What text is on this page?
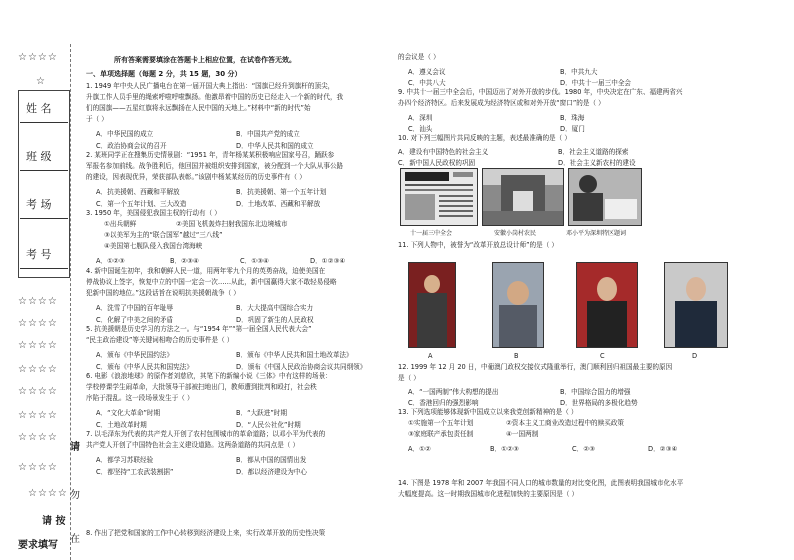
☆☆☆☆
☆
姓 名
班 级
考 场
考 号
☆☆☆☆
☆☆☆☆
☆☆☆☆
☆☆☆☆
☆☆☆☆
☆☆☆☆
☆☆☆☆
☆☆☆☆
☆☆☆☆
请
勿
在
请 按
要求填写
所有答案需要填涂在答题卡上相应位置，在试卷作答无效。
一、单项选择题（每题 2 分，共 15 题，30 分）
1. 1949 年中央人民广播电台在第一届开国大典上指出：“国旗已经升到旗杆的顶尖，
升旗工作人员手里的绳索呼啦呼啦飘扬。他激昂着中国的历史已经走入一个新的时代，我
们的国旗——五星红旗将永远飘扬在人民中国的天地上。”材料中“新的时代”始
于（ ）
A．中华民国的成立	B．中国共产党的成立
C．政治协商会议的召开	D．中华人民共和国的成立
2. 某班同学正在搜集历史情景剧：“1951 年，青年杨某某积极响应国家号召，踊跃参
军报名参加前线。战争胜利后，他回国并被组织安排到国家，被分配到一个大队从事公路
的建设，因表现优异，荣获部队表彰。”该剧中杨某某经历的历史事件有（ ）
A．抗美援朝、西藏和平解放	B．抗美援朝、第一个五年计划
C．第一个五年计划、三大改造	D．土地改革、西藏和平解放
3. 1950 年，美国侵犯我国主权的行动有（ ）
①出兵朝鲜	②美国飞机轰炸扫射我国东北边境城市
③以美军为主的“联合国军”越过“三八线”
④美国第七舰队侵入我国台湾海峡
A．①②③	B．②③④	C．①③④	D．①②③④
4. 新中国诞生初年，我和朝鲜人民一道，用两年零九个月的英勇奋战，迫使美国在
停战协议上签字，恢复中立的中国一定会一次……从此，新中国赢得大家不敢轻易侵略
犯新中国的地位。”这段话旨在说明抗美援朝战争（ ）
A．洗雪了中国的百年耻辱	B．大大提高中国综合实力
C．化解了中美之间的矛盾	D．巩固了新生的人民政权
5. 抗美援朝是历史学习的方法之一。与“1954 年”“第一届全国人民代表大会”
“民主政治建设”等关键词相吻合的历史事件是（ ）
A．颁布《中华民国约法》	B．颁布《中华人民共和国土地改革法》
C．颁布《中华人民共和国宪法》	D．颁布《中国人民政治协商会议共同纲领》
6. 电影《浪浪地球》的原作者刘慈欣，其笔下的新编小说《三体》中有这样的场景：
学校停课学生闹革命，大批领导干部被扫地出门，教师遭到批判和殴打，社会秩
序陷于混乱。这一段场景发生于（ ）
A．“文化大革命”时期	B．“大跃进”时期
C．土地改革时期	D．“人民公社化”时期
7. 以毛泽东为代表的共产党人开创了农村包围城市的革命道路；以邓小平为代表的
共产党人开创了中国特色社会主义建设道路。这两条道路的共同点是（ ）
A．都学习苏联经验	B．都从中国的国情出发
C．都坚持“工农武装割据”	D．都以经济建设为中心
8. 作出了把党和国家的工作中心转移到经济建设上来，实行改革开放的历史性决策
的会议是（ ）
A．遵义会议	B．中共九大
C．中共八大	D．中共十一届三中全会
9. 中共十一届三中全会后，中国迈出了对外开放的步伐。1980 年，中央决定在广东、福建两省兴
办四个经济特区。后来发展成为经济特区或和对外开放“窗口”的是（ ）
A．深圳	B．珠海
C．汕头	D．厦门
10. 对下列三幅图片共同反映的主题，表述最准确的是（ ）
A．建设有中国特色的社会主义	B．社会主义道路的探索
C．新中国人民政权的巩固	D．社会主义新农村的建设
十一届三中全会	安徽小岗村农民	邓小平为深圳特区题词
11. 下列人物中，被誉为“改革开放总设计师”的是（ ）
A	B	C	D
12. 1999 年 12 月 20 日，中葡澳门政权交接仪式隆重举行，澳门顺利回归祖国最主要的原因
是（ ）
A．“一国两制”伟大构想的提出	B．中国综合国力的增强
C．香港回归的强烈影响	D．世界格局的多极化趋势
13. 下列选项能够体现新中国成立以来我党创新精神的是（ ）
①实施第一个五年计划	②资本主义工商业改造过程中的赎买政策
③家庭联产承包责任制	④一国两制
A．①②	B．①②③	C．②③	D．②③④
14. 下图是 1978 年和 2007 年我国不同人口的城市数量的对比变化图，此图表明我国城市化水平
大幅度提高。这一时期我国城市化进程加快的主要原因是（ ）
